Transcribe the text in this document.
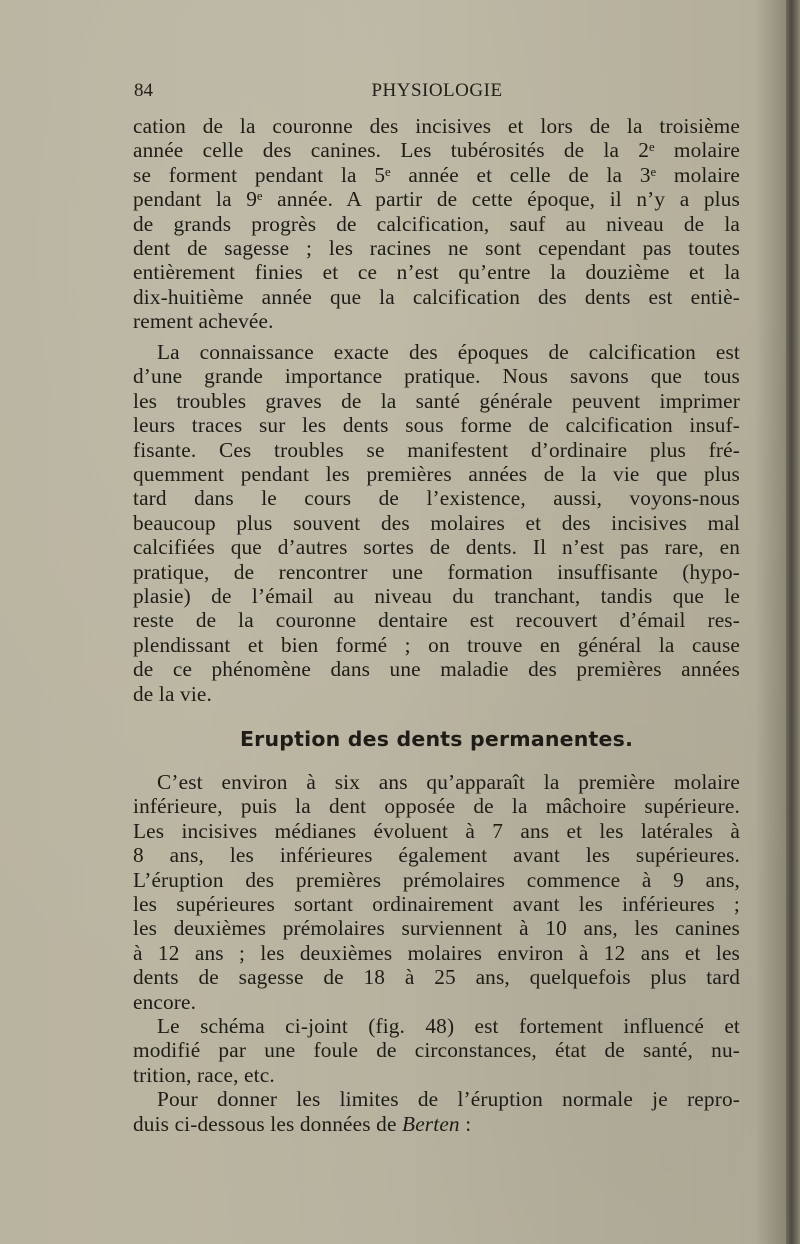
84	PHYSIOLOGIE
cation de la couronne des incisives et lors de la troisième
année celle des canines. Les tubérosités de la 2ᵉ molaire
se forment pendant la 5ᵉ année et celle de la 3ᵉ molaire
pendant la 9ᵉ année. A partir de cette époque, il n’y a plus
de grands progrès de calcification, sauf au niveau de la
dent de sagesse ; les racines ne sont cependant pas toutes
entièrement finies et ce n’est qu’entre la douzième et la
dix-huitième année que la calcification des dents est entiè-
rement achevée.
La connaissance exacte des époques de calcification est
d’une grande importance pratique. Nous savons que tous
les troubles graves de la santé générale peuvent imprimer
leurs traces sur les dents sous forme de calcification insuf-
fisante. Ces troubles se manifestent d’ordinaire plus fré-
quemment pendant les premières années de la vie que plus
tard dans le cours de l’existence, aussi, voyons-nous
beaucoup plus souvent des molaires et des incisives mal
calcifiées que d’autres sortes de dents. Il n’est pas rare, en
pratique, de rencontrer une formation insuffisante (hypo-
plasie) de l’émail au niveau du tranchant, tandis que le
reste de la couronne dentaire est recouvert d’émail res-
plendissant et bien formé ; on trouve en général la cause
de ce phénomène dans une maladie des premières années
de la vie.
Eruption des dents permanentes.
C’est environ à six ans qu’apparaît la première molaire
inférieure, puis la dent opposée de la mâchoire supérieure.
Les incisives médianes évoluent à 7 ans et les latérales à
8 ans, les inférieures également avant les supérieures.
L’éruption des premières prémolaires commence à 9 ans,
les supérieures sortant ordinairement avant les inférieures ;
les deuxièmes prémolaires surviennent à 10 ans, les canines
à 12 ans ; les deuxièmes molaires environ à 12 ans et les
dents de sagesse de 18 à 25 ans, quelquefois plus tard
encore.
Le schéma ci-joint (fig. 48) est fortement influencé et
modifié par une foule de circonstances, état de santé, nu-
trition, race, etc.
Pour donner les limites de l’éruption normale je repro-
duis ci-dessous les données de Berten :
